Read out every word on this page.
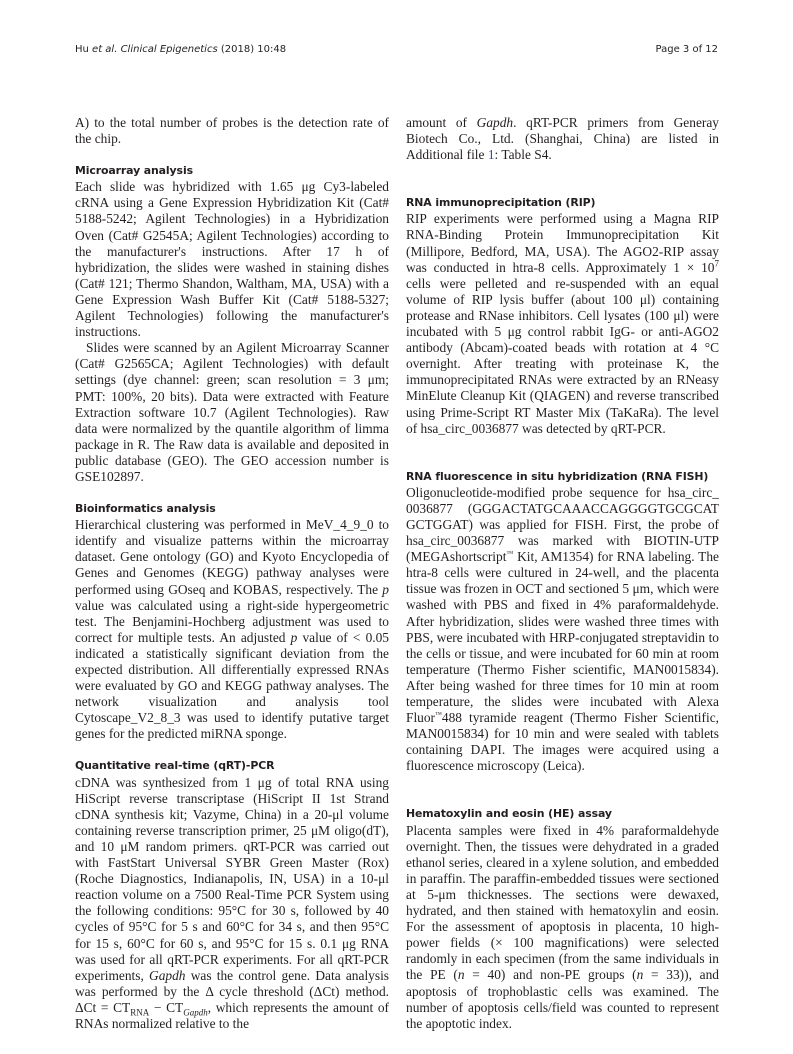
Hu et al. Clinical Epigenetics (2018) 10:48	Page 3 of 12

A) to the total number of probes is the detection rate of the chip.

Microarray analysis

Each slide was hybridized with 1.65 μg Cy3-labeled cRNA using a Gene Expression Hybridization Kit (Cat# 5188-5242; Agilent Technologies) in a Hybridization Oven (Cat# G2545A; Agilent Technologies) according to the manufacturer's instructions. After 17 h of hybridization, the slides were washed in staining dishes (Cat# 121; Thermo Shandon, Waltham, MA, USA) with a Gene Expression Wash Buffer Kit (Cat# 5188-5327; Agilent Technologies) following the manufacturer's instructions.

Slides were scanned by an Agilent Microarray Scanner (Cat# G2565CA; Agilent Technologies) with default settings (dye channel: green; scan resolution = 3 μm; PMT: 100%, 20 bits). Data were extracted with Feature Extraction software 10.7 (Agilent Technologies). Raw data were normalized by the quantile algorithm of limma package in R. The Raw data is available and deposited in public database (GEO). The GEO accession number is GSE102897.

Bioinformatics analysis

Hierarchical clustering was performed in MeV_4_9_0 to identify and visualize patterns within the microarray dataset. Gene ontology (GO) and Kyoto Encyclopedia of Genes and Genomes (KEGG) pathway analyses were performed using GOseq and KOBAS, respectively. The p value was calculated using a right-side hypergeometric test. The Benjamini-Hochberg adjustment was used to correct for multiple tests. An adjusted p value of < 0.05 indicated a statistically significant deviation from the expected distribution. All differentially expressed RNAs were evaluated by GO and KEGG pathway analyses. The network visualization and analysis tool Cytoscape_V2_8_3 was used to identify putative target genes for the predicted miRNA sponge.

Quantitative real-time (qRT)-PCR

cDNA was synthesized from 1 μg of total RNA using HiScript reverse transcriptase (HiScript II 1st Strand cDNA synthesis kit; Vazyme, China) in a 20-μl volume containing reverse transcription primer, 25 μM oligo(dT), and 10 μM random primers. qRT-PCR was carried out with FastStart Universal SYBR Green Master (Rox) (Roche Diagnostics, Indianapolis, IN, USA) in a 10-μl reaction volume on a 7500 Real-Time PCR System using the following conditions: 95°C for 30 s, followed by 40 cycles of 95°C for 5 s and 60°C for 34 s, and then 95°C for 15 s, 60°C for 60 s, and 95°C for 15 s. 0.1 μg RNA was used for all qRT-PCR experiments. For all qRT-PCR experiments, Gapdh was the control gene. Data analysis was performed by the Δ cycle threshold (ΔCt) method. $\Delta Ct = CT_{RNA} - CT_{Gapdh}$, which represents the amount of RNAs normalized relative to the

amount of Gapdh. qRT-PCR primers from Generay Biotech Co., Ltd. (Shanghai, China) are listed in Additional file 1: Table S4.

RNA immunoprecipitation (RIP)

RIP experiments were performed using a Magna RIP RNA-Binding Protein Immunoprecipitation Kit (Millipore, Bedford, MA, USA). The AGO2-RIP assay was conducted in htra-8 cells. Approximately $1 \times 10^7$ cells were pelleted and re-suspended with an equal volume of RIP lysis buffer (about 100 μl) containing protease and RNase inhibitors. Cell lysates (100 μl) were incubated with 5 μg control rabbit IgG- or anti-AGO2 antibody (Abcam)-coated beads with rotation at 4 °C overnight. After treating with proteinase K, the immunoprecipitated RNAs were extracted by an RNeasy MinElute Cleanup Kit (QIAGEN) and reverse transcribed using Prime-Script RT Master Mix (TaKaRa). The level of hsa_circ_0036877 was detected by qRT-PCR.

RNA fluorescence in situ hybridization (RNA FISH)

Oligonucleotide-modified probe sequence for hsa_circ_ 0036877 (GGGACTATGCAAACCAGGGGTGCGCAT GCTGGAT) was applied for FISH. First, the probe of hsa_circ_0036877 was marked with BIOTIN-UTP (MEGAshortscript™ Kit, AM1354) for RNA labeling. The htra-8 cells were cultured in 24-well, and the placenta tissue was frozen in OCT and sectioned 5 μm, which were washed with PBS and fixed in 4% paraformaldehyde. After hybridization, slides were washed three times with PBS, were incubated with HRP-conjugated streptavidin to the cells or tissue, and were incubated for 60 min at room temperature (Thermo Fisher scientific, MAN0015834). After being washed for three times for 10 min at room temperature, the slides were incubated with Alexa Fluor™488 tyramide reagent (Thermo Fisher Scientific, MAN0015834) for 10 min and were sealed with tablets containing DAPI. The images were acquired using a fluorescence microscopy (Leica).

Hematoxylin and eosin (HE) assay

Placenta samples were fixed in 4% paraformaldehyde overnight. Then, the tissues were dehydrated in a graded ethanol series, cleared in a xylene solution, and embedded in paraffin. The paraffin-embedded tissues were sectioned at 5-μm thicknesses. The sections were dewaxed, hydrated, and then stained with hematoxylin and eosin. For the assessment of apoptosis in placenta, 10 high-power fields (× 100 magnifications) were selected randomly in each specimen (from the same individuals in the PE (n = 40) and non-PE groups (n = 33)), and apoptosis of trophoblastic cells was examined. The number of apoptosis cells/field was counted to represent the apoptotic index.
